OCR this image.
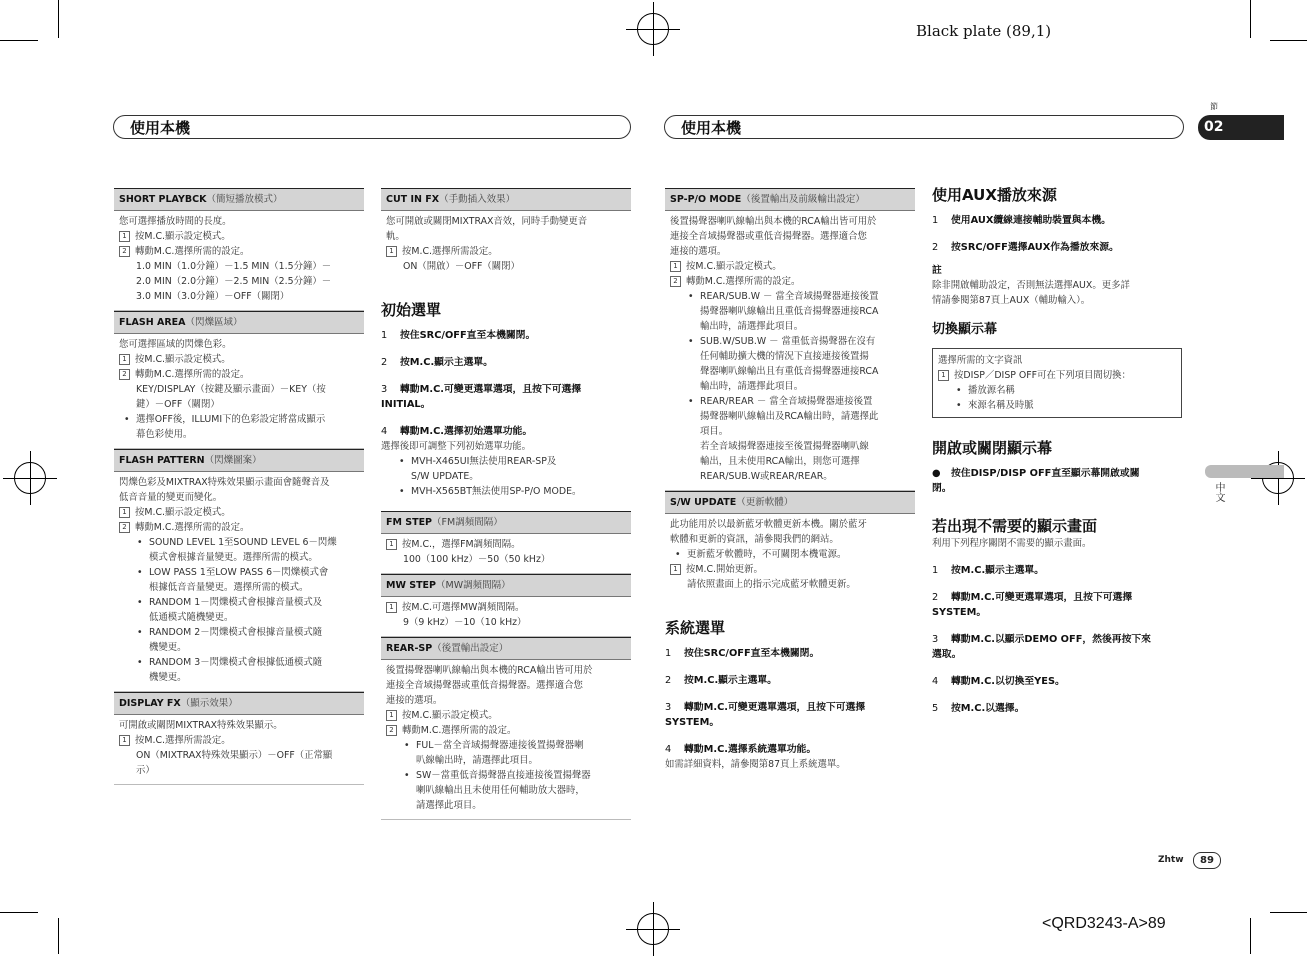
Black plate (89,1)
<QRD3243-A>89
使用本機	使用本機
節
02
中文
SHORT PLAYBCK（簡短播放模式）

您可選擇播放時間的長度。

1 按M.C.顯示設定模式。

2 轉動M.C.選擇所需的設定。

1.0 MIN（1.0分鐘）－1.5 MIN（1.5分鐘）－

2.0 MIN（2.0分鐘）－2.5 MIN（2.5分鐘）－

3.0 MIN（3.0分鐘）－OFF（關閉）

FLASH AREA（閃爍區域）

您可選擇區域的閃爍色彩。

1 按M.C.顯示設定模式。

2 轉動M.C.選擇所需的設定。

KEY/DISPLAY（按鍵及顯示畫面）－KEY（按

鍵）－OFF（關閉）

• 選擇OFF後，ILLUMI下的色彩設定將當成顯示

幕色彩使用。

FLASH PATTERN（閃爍圖案）

閃爍色彩及MIXTRAX特殊效果顯示畫面會隨聲音及

低音音量的變更而變化。

1 按M.C.顯示設定模式。

2 轉動M.C.選擇所需的設定。

• SOUND LEVEL 1至SOUND LEVEL 6－閃爍

模式會根據音量變更。選擇所需的模式。

• LOW PASS 1至LOW PASS 6－閃爍模式會

根據低音音量變更。選擇所需的模式。

• RANDOM 1－閃爍模式會根據音量模式及

低通模式隨機變更。

• RANDOM 2－閃爍模式會根據音量模式隨

機變更。

• RANDOM 3－閃爍模式會根據低通模式隨

機變更。

DISPLAY FX（顯示效果）

可開啟或關閉MIXTRAX特殊效果顯示。

1 按M.C.選擇所需設定。

ON（MIXTRAX特殊效果顯示）－OFF（正常顯

示）

CUT IN FX（手動插入效果）

您可開啟或關閉MIXTRAX音效，同時手動變更音

軌。

1 按M.C.選擇所需設定。

ON（開啟）－OFF（關閉）

初始選單

1 按住SRC/OFF直至本機關閉。

2 按M.C.顯示主選單。

3 轉動M.C.可變更選單選項，且按下可選擇

INITIAL。

4 轉動M.C.選擇初始選單功能。

選擇後即可調整下列初始選單功能。

• MVH-X465UI無法使用REAR-SP及

S/W UPDATE。

• MVH-X565BT無法使用SP-P/O MODE。

FM STEP（FM調頻間隔）

1 按M.C.，選擇FM調頻間隔。

100（100 kHz）－50（50 kHz）

MW STEP（MW調頻間隔）

1 按M.C.可選擇MW調頻間隔。

9（9 kHz）－10（10 kHz）

REAR-SP（後置輸出設定）

後置揚聲器喇叭線輸出與本機的RCA輸出皆可用於

連接全音域揚聲器或重低音揚聲器。選擇適合您

連接的選項。

1 按M.C.顯示設定模式。

2 轉動M.C.選擇所需的設定。

• FUL－當全音域揚聲器連接後置揚聲器喇

叭線輸出時，請選擇此項目。

• SW－當重低音揚聲器直接連接後置揚聲器

喇叭線輸出且未使用任何輔助放大器時，

請選擇此項目。

SP-P/O MODE（後置輸出及前級輸出設定）

後置揚聲器喇叭線輸出與本機的RCA輸出皆可用於

連接全音域揚聲器或重低音揚聲器。選擇適合您

連接的選項。

1 按M.C.顯示設定模式。

2 轉動M.C.選擇所需的設定。

• REAR/SUB.W － 當全音域揚聲器連接後置

揚聲器喇叭線輸出且重低音揚聲器連接RCA

輸出時，請選擇此項目。

• SUB.W/SUB.W － 當重低音揚聲器在沒有

任何輔助擴大機的情況下直接連接後置揚

聲器喇叭線輸出且有重低音揚聲器連接RCA

輸出時，請選擇此項目。

• REAR/REAR － 當全音域揚聲器連接後置

揚聲器喇叭線輸出及RCA輸出時，請選擇此

項目。

若全音域揚聲器連接至後置揚聲器喇叭線

輸出，且未使用RCA輸出，則您可選擇

REAR/SUB.W或REAR/REAR。

S/W UPDATE（更新軟體）

此功能用於以最新藍牙軟體更新本機。關於藍牙

軟體和更新的資訊，請參閱我們的網站。

• 更新藍牙軟體時，不可關閉本機電源。

1 按M.C.開始更新。

請依照畫面上的指示完成藍牙軟體更新。

系統選單

1 按住SRC/OFF直至本機關閉。

2 按M.C.顯示主選單。

3 轉動M.C.可變更選單選項，且按下可選擇

SYSTEM。

4 轉動M.C.選擇系統選單功能。

如需詳細資料，請參閱第87頁上系統選單。

使用AUX播放來源

1 使用AUX纜線連接輔助裝置與本機。

2 按SRC/OFF選擇AUX作為播放來源。

註

除非開啟輔助設定，否則無法選擇AUX。更多詳

情請參閱第87頁上AUX（輔助輸入）。

切換顯示幕

選擇所需的文字資訊

1 按DISP／DISP OFF可在下列項目間切換：

• 播放源名稱

• 來源名稱及時脈

開啟或關閉顯示幕

● 按住DISP/DISP OFF直至顯示幕開啟或關

閉。

若出現不需要的顯示畫面

利用下列程序關閉不需要的顯示畫面。

1 按M.C.顯示主選單。

2 轉動M.C.可變更選單選項，且按下可選擇

SYSTEM。

3 轉動M.C.以顯示DEMO OFF，然後再按下來

選取。

4 轉動M.C.以切換至YES。

5 按M.C.以選擇。

Zhtw	89
